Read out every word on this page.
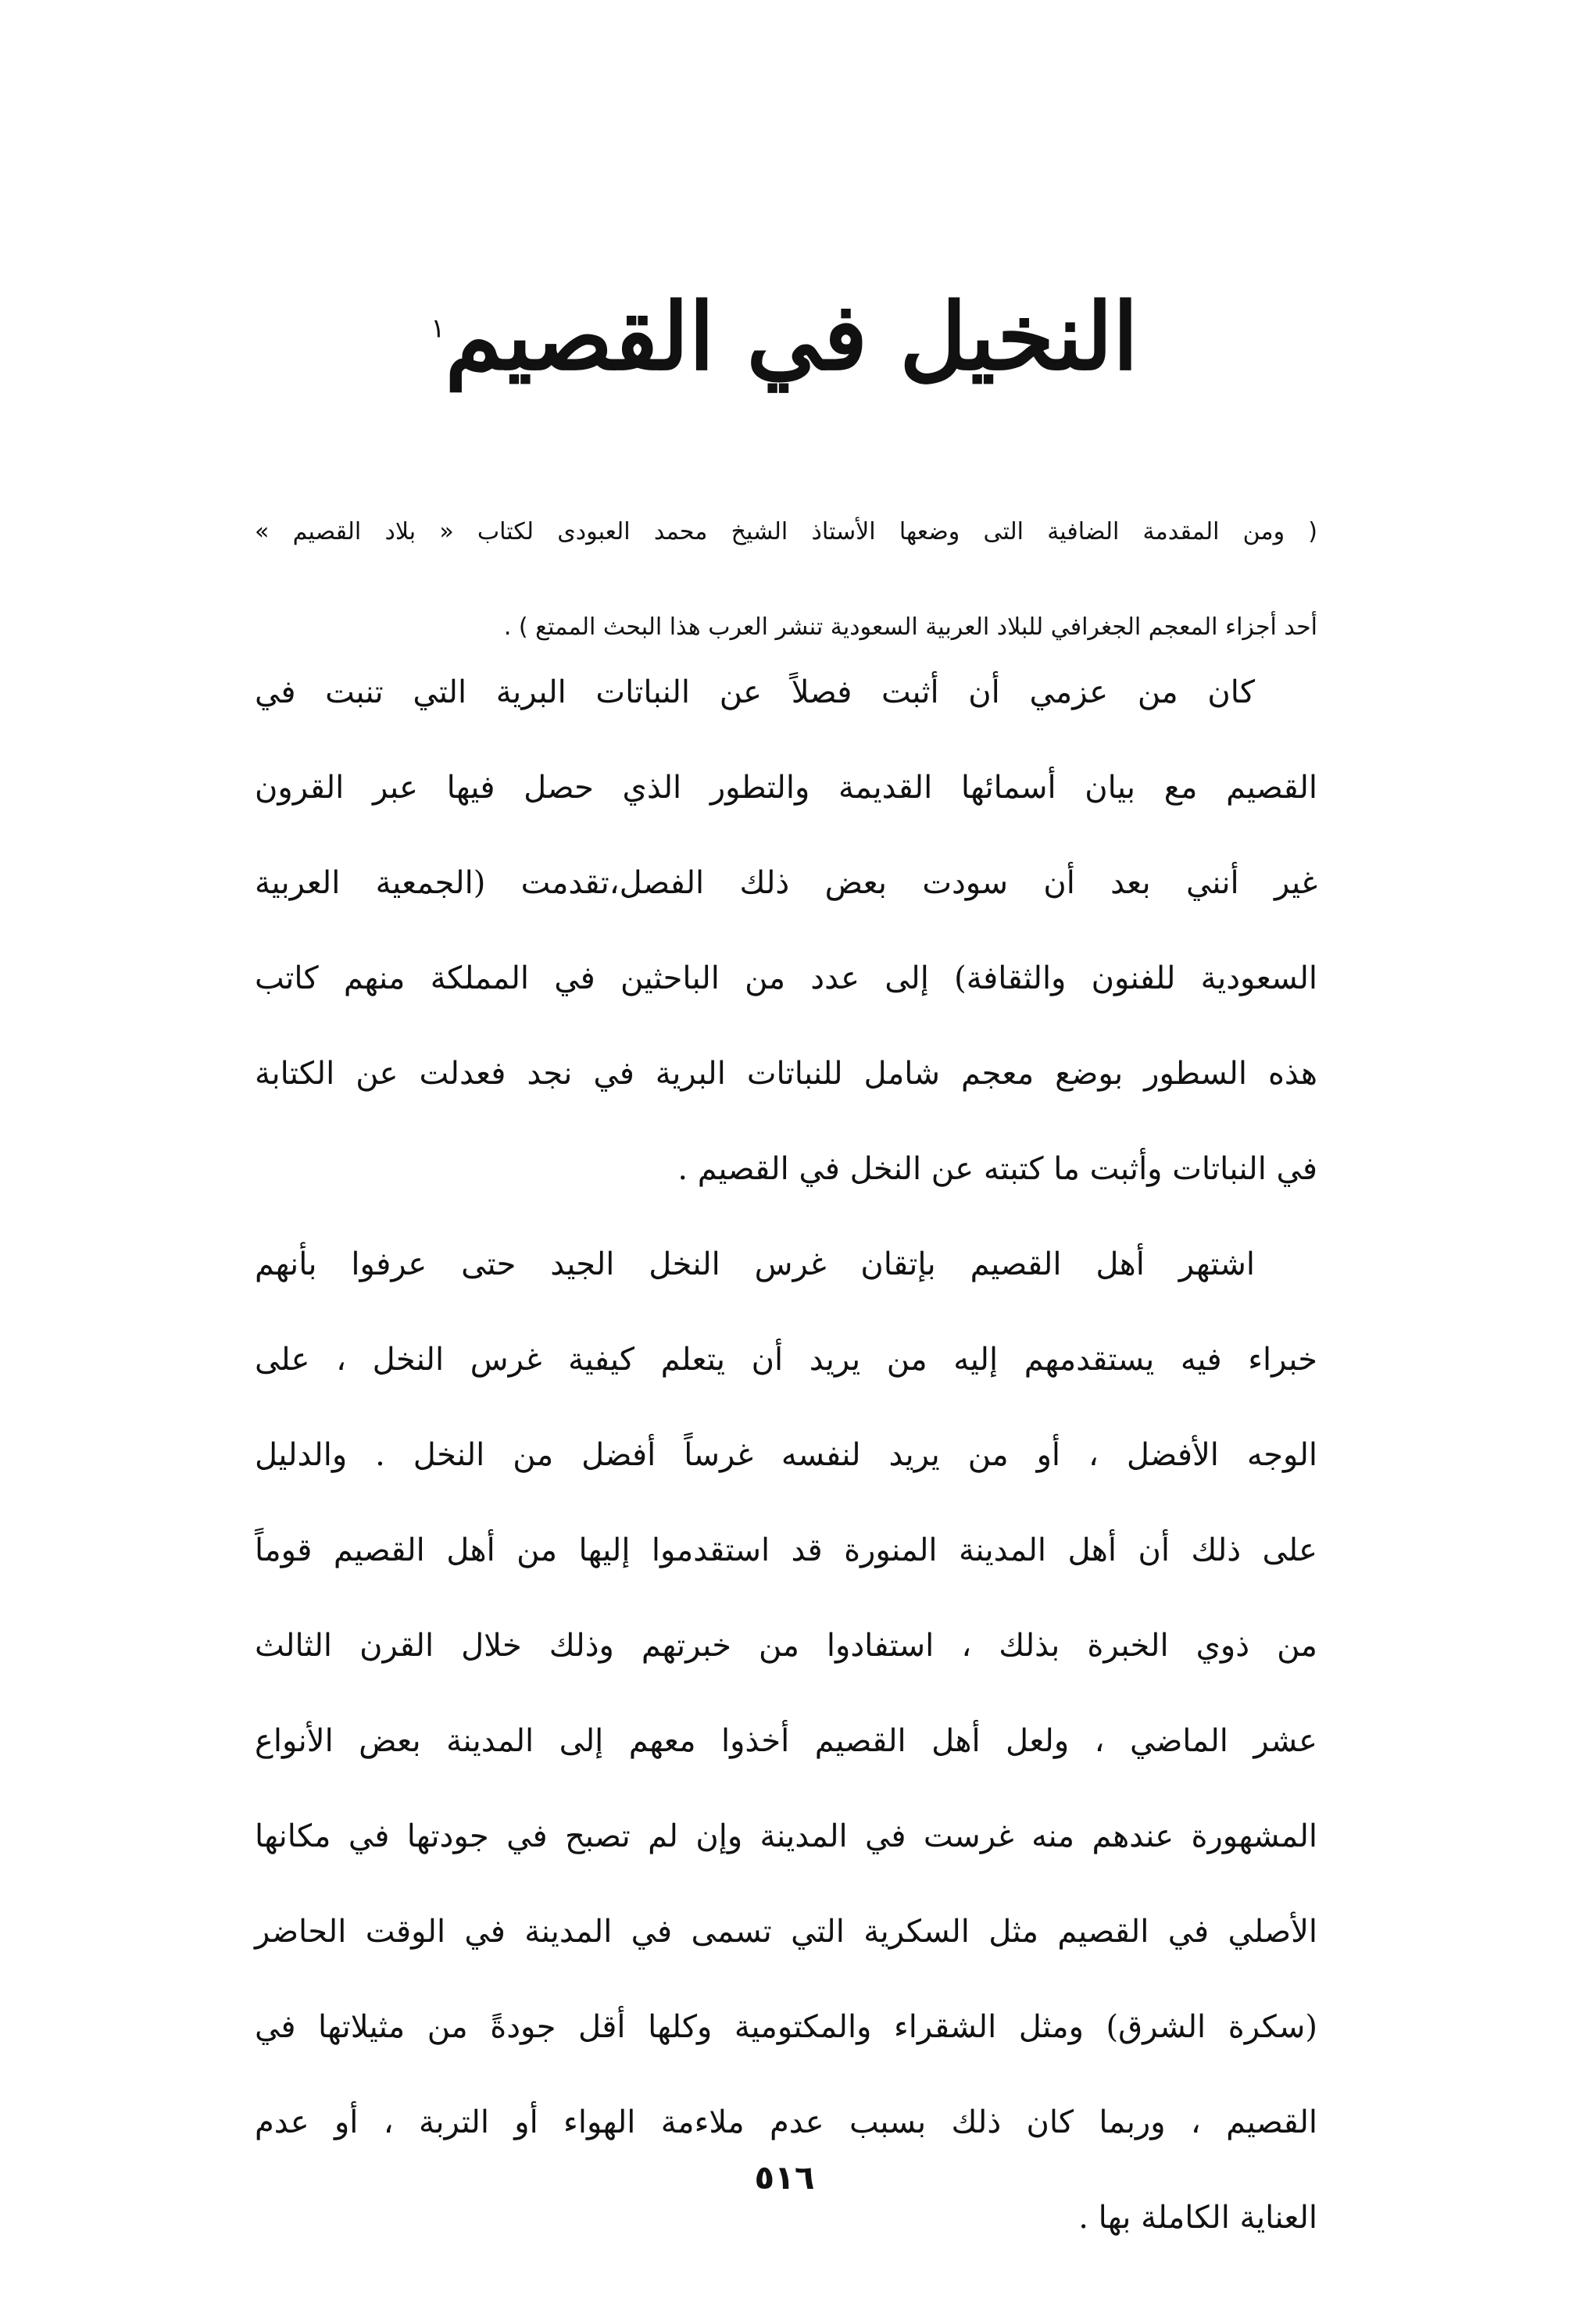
النخيل في القصيم$^١$
( ومن المقدمة الضافية التى وضعها الأستاذ الشيخ محمد العبودى لكتاب « بلاد القصيم »
أحد أجزاء المعجم الجغرافي للبلاد العربية السعودية تنشر العرب هذا البحث الممتع ) .
كان من عزمي أن أثبت فصلاً عن النباتات البرية التي تنبت في
القصيم مع بيان أسمائها القديمة والتطور الذي حصل فيها عبر القرون
غير أنني بعد أن سودت بعض ذلك الفصل،تقدمت (الجمعية العربية
السعودية للفنون والثقافة) إلى عدد من الباحثين في المملكة منهم كاتب
هذه السطور بوضع معجم شامل للنباتات البرية في نجد فعدلت عن الكتابة
في النباتات وأثبت ما كتبته عن النخل في القصيم .
اشتهر أهل القصيم بإتقان غرس النخل الجيد حتى عرفوا بأنهم
خبراء فيه يستقدمهم إليه من يريد أن يتعلم كيفية غرس النخل ، على
الوجه الأفضل ، أو من يريد لنفسه غرساً أفضل من النخل . والدليل
على ذلك أن أهل المدينة المنورة قد استقدموا إليها من أهل القصيم قوماً
من ذوي الخبرة بذلك ، استفادوا من خبرتهم وذلك خلال القرن الثالث
عشر الماضي ، ولعل أهل القصيم أخذوا معهم إلى المدينة بعض الأنواع
المشهورة عندهم منه غرست في المدينة وإن لم تصبح في جودتها في مكانها
الأصلي في القصيم مثل السكرية التي تسمى في المدينة في الوقت الحاضر
(سكرة الشرق) ومثل الشقراء والمكتومية وكلها أقل جودةً من مثيلاتها في
القصيم ، وربما كان ذلك بسبب عدم ملاءمة الهواء أو التربة ، أو عدم
العناية الكاملة بها .
٥١٦
